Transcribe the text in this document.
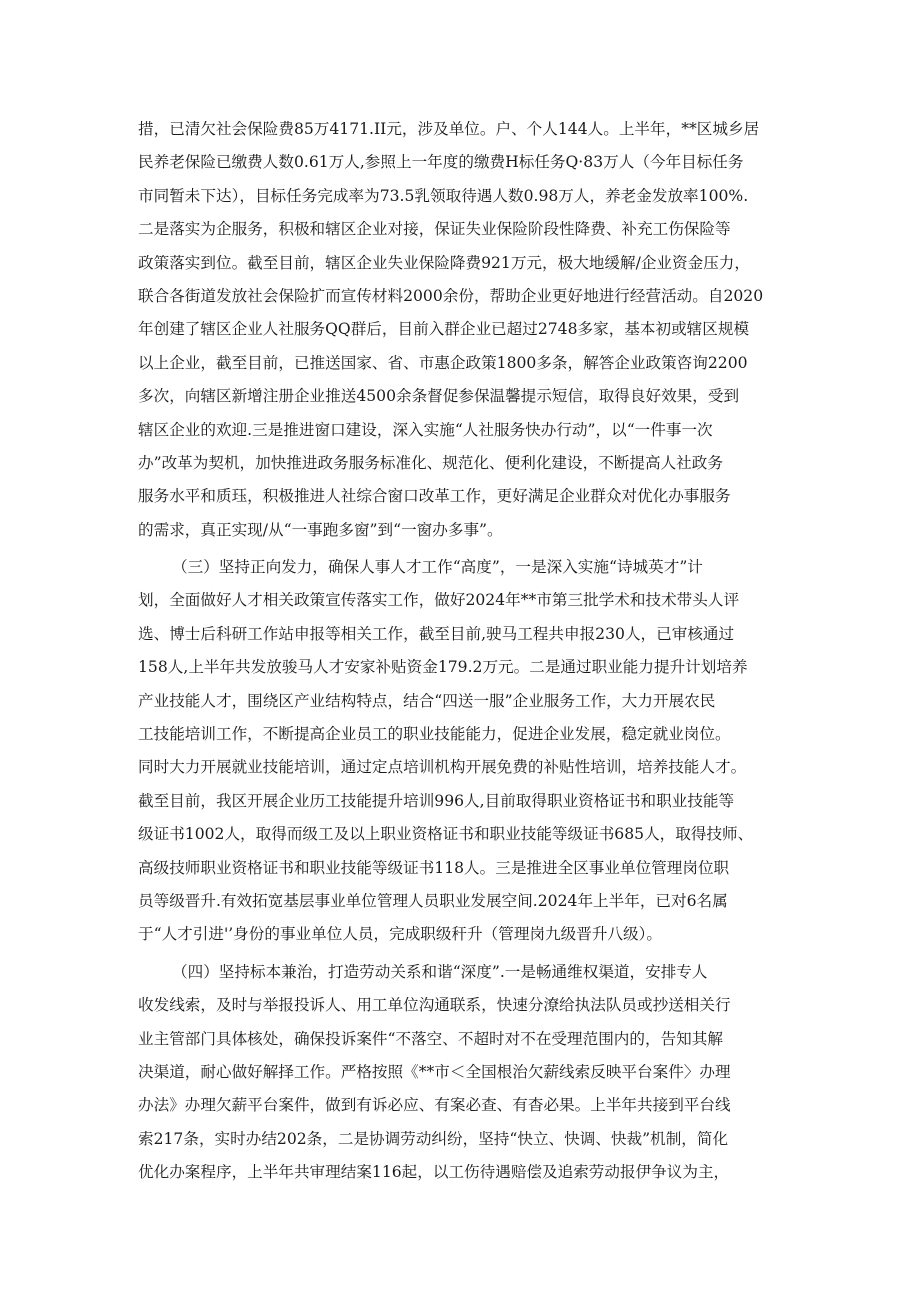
措，已清欠社会保险费85万4171.II元，涉及单位。户、个人144人。上半年，**区城乡居
民养老保险已缴费人数0.61万人,参照上一年度的缴费H标任务Q·83万人（今年目标任务
市同暂未下达），目标任务完成率为73.5乳领取待遇人数0.98万人，养老金发放率100%.
二是落实为企服务，积极和辖区企业对接，保证失业保险阶段性降费、补充工伤保险等
政策落实到位。截至目前，辖区企业失业保险降费921万元，极大地缓解/企业资金压力，
联合各街道发放社会保险扩而宣传材料2000余份，帮助企业更好地进行经营活动。自2020
年创建了辖区企业人社服务QQ群后，目前入群企业已超过2748多家，基本初或辖区规模
以上企业，截至目前，已推送国家、省、市惠企政策1800多条，解答企业政策咨询2200
多次，向辖区新增注册企业推送4500余条督促参保温馨提示短信，取得良好效果，受到
辖区企业的欢迎.三是推进窗口建设，深入实施“人社服务快办行动”，以“一件事一次
办”改革为契机，加快推进政务服务标准化、规范化、便利化建设，不断提高人社政务
服务水平和质珏，积极推进人社综合窗口改革工作，更好满足企业群众对优化办事服务
的需求，真正实现/从“一事跑多窗”到“一窗办多事”。
（三）坚持正向发力，确保人事人才工作“高度”，一是深入实施“诗城英才”计
划，全面做好人才相关政策宣传落实工作，做好2024年**市第三批学术和技术带头人评
选、博士后科研工作站申报等相关工作，截至目前,驶马工程共申报230人，已审核通过
158人,上半年共发放骏马人才安家补贴资金179.2万元。二是通过职业能力提升计划培养
产业技能人才，围绕区产业结构特点，结合“四送一服”企业服务工作，大力开展农民
工技能培训工作，不断提高企业员工的职业技能能力，促进企业发展，稳定就业岗位。
同时大力开展就业技能培训，通过定点培训机构开展免费的补贴性培训，培养技能人才。
截至目前，我区开展企业历工技能提升培训996人,目前取得职业资格证书和职业技能等
级证书1002人，取得而级工及以上职业资格证书和职业技能等级证书685人，取得技师、
高级技师职业资格证书和职业技能等级证书118人。三是推进全区事业单位管理岗位职
员等级晋升.有效拓宽基层事业单位管理人员职业发展空间.2024年上半年，已对6名属
于“人才引进'’身份的事业单位人员，完成职级秆升（管理岗九级晋升八级）。
（四）坚持标本兼治，打造劳动关系和谐“深度”.一是畅通维权渠道，安排专人
收发线索，及时与举报投诉人、用工单位沟通联系，快速分潦给执法队员或抄送相关行
业主管部门具体核处，确保投诉案件“不落空、不超时对不在受理范围内的，告知其解
决渠道，耐心做好解择工作。严格按照《**市＜全国根治欠薪线索反映平台案件〉办理
办法》办理欠薪平台案件，做到有诉必应、有案必查、有杳必果。上半年共接到平台线
索217条，实时办结202条，二是协调劳动纠纷，坚持“快立、快调、快裁”机制，简化
优化办案程序，上半年共审理结案116起，以工伤待遇赔偿及追索劳动报伊争议为主，
